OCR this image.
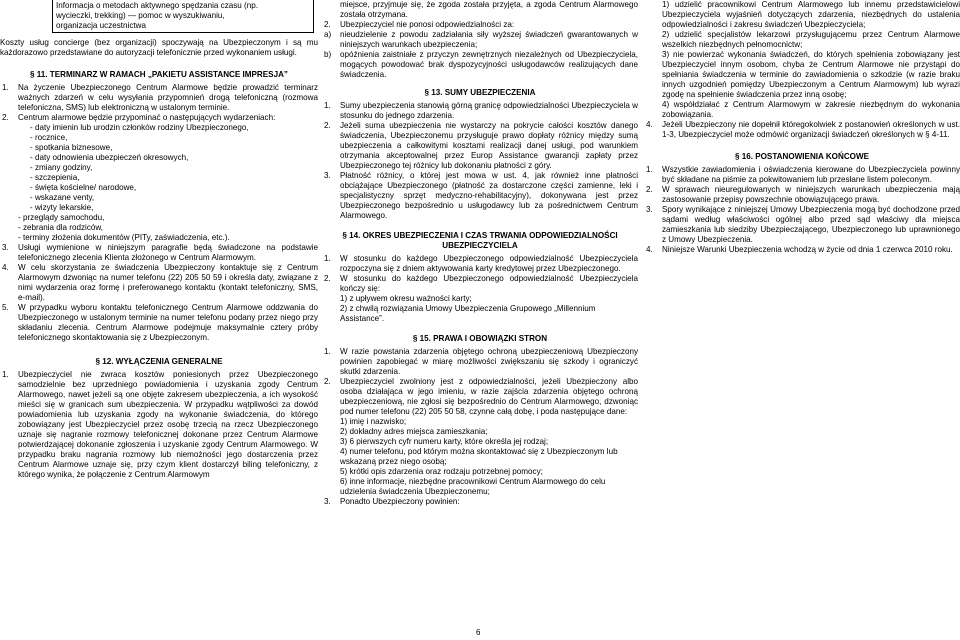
Informacja o metodach aktywnego spędzania czasu (np.
wycieczki, trekking) — pomoc w wyszukiwaniu,
organizacja uczestnictwa

Koszty usług concierge (bez organizacji) spoczywają na Ubezpieczonym i są mu każdorazowo przedstawiane do autoryzacji telefonicznie przed wykonaniem usługi.

§ 11. TERMINARZ W RAMACH „PAKIETU ASSISTANCE IMPRESJA”
1. Na życzenie Ubezpieczonego Centrum Alarmowe będzie prowadzić terminarz ważnych zdarzeń w celu wysyłania przypomnień drogą telefoniczną (rozmowa telefoniczna, SMS) lub elektroniczną w ustalonym terminie.
2. Centrum alarmowe będzie przypominać o następujących wydarzeniach:
- daty imienin lub urodzin członków rodziny Ubezpieczonego,
- rocznice,
- spotkania biznesowe,
- daty odnowienia ubezpieczeń okresowych,
- zmiany godziny,
- szczepienia,
- święta kościelne/ narodowe,
- wskazane venty,
- wizyty lekarskie,
- przeglądy samochodu,
- zebrania dla rodziców,
- terminy złożenia dokumentów (PITy, zaświadczenia, etc.).
3. Usługi wymienione w niniejszym paragrafie będą świadczone na podstawie telefonicznego zlecenia Klienta złożonego w Centrum Alarmowym.
4. W celu skorzystania ze świadczenia Ubezpieczony kontaktuje się z Centrum Alarmowym dzwoniąc na numer telefonu (22) 205 50 59 i określa daty, związane z nimi wydarzenia oraz formę i preferowanego kontaktu (kontakt telefoniczny, SMS, e-mail).
5. W przypadku wyboru kontaktu telefonicznego Centrum Alarmowe oddzwania do Ubezpieczonego w ustalonym terminie na numer telefonu podany przez niego przy składaniu zlecenia. Centrum Alarmowe podejmuje maksymalnie cztery próby telefonicznego skontaktowania się z Ubezpieczonym.
§ 12. WYŁĄCZENIA GENERALNE
1. Ubezpieczyciel nie zwraca kosztów poniesionych przez Ubezpieczonego samodzielnie bez uprzedniego powiadomienia i uzyskania zgody Centrum Alarmowego, nawet jeżeli są one objęte zakresem ubezpieczenia, a ich wysokość mieści się w granicach sum ubezpieczenia. W przypadku wątpliwości za dowód powiadomienia lub uzyskania zgody na wykonanie świadczenia, do którego zobowiązany jest Ubezpieczyciel przez osobę trzecią na rzecz Ubezpieczonego uznaje się nagranie rozmowy telefonicznej dokonane przez Centrum Alarmowe potwierdzającej dokonanie zgłoszenia i uzyskanie zgody Centrum Alarmowego. W przypadku braku nagrania rozmowy lub niemożności jego dostarczenia przez Centrum Alarmowe uznaje się, przy czym klient dostarczył biling telefoniczny, z którego wynika, że połączenie z Centrum Alarmowym

miejsce, przyjmuje się, że zgoda została przyjęta, a zgoda Centrum Alarmowego została otrzymana.

2. Ubezpieczyciel nie ponosi odpowiedzialności za:
a) nieudzielenie z powodu zadziałania siły wyższej świadczeń gwarantowanych w niniejszych warunkach ubezpieczenia;
b) opóźnienia zaistniałe z przyczyn zewnętrznych niezależnych od Ubezpieczyciela, mogących powodować brak dyspozycyjności usługodawców realizujących dane świadczenia.
§ 13. SUMY UBEZPIECZENIA
1. Sumy ubezpieczenia stanowią górną granicę odpowiedzialności Ubezpieczyciela w stosunku do jednego zdarzenia.
2. Jeżeli suma ubezpieczenia nie wystarczy na pokrycie całości kosztów danego świadczenia, Ubezpieczonemu przysługuje prawo dopłaty różnicy między sumą ubezpieczenia a całkowitymi kosztami realizacji danej usługi, pod warunkiem otrzymania akceptowalnej przez Europ Assistance gwarancji zapłaty przez Ubezpieczonego tej różnicy lub dokonaniu płatności z góry.
3. Płatność różnicy, o której jest mowa w ust. 4, jak również inne płatności obciążające Ubezpieczonego (płatność za dostarczone części zamienne, leki i specjalistyczny sprzęt medyczno-rehabilitacyjny), dokonywana jest przez Ubezpieczonego bezpośrednio u usługodawcy lub za pośrednictwem Centrum Alarmowego.
§ 14. OKRES UBEZPIECZENIA I CZAS TRWANIA ODPOWIEDZIALNOŚCI UBEZPIECZYCIELA
1. W stosunku do każdego Ubezpieczonego odpowiedzialność Ubezpieczyciela rozpoczyna się z dniem aktywowania karty kredytowej przez Ubezpieczonego.
2. W stosunku do każdego Ubezpieczonego odpowiedzialność Ubezpieczyciela kończy się:
1) z upływem okresu ważności karty;
2) z chwilą rozwiązania Umowy Ubezpieczenia Grupowego „Millennium Assistance”.
§ 15. PRAWA I OBOWIĄZKI STRON
1. W razie powstania zdarzenia objętego ochroną ubezpieczeniową Ubezpieczony powinien zapobiegać w miarę możliwości zwiększaniu się szkody i ograniczyć skutki zdarzenia.
2. Ubezpieczyciel zwolniony jest z odpowiedzialności, jeżeli Ubezpieczony albo osoba działająca w jego imieniu, w razie zajścia zdarzenia objętego ochroną ubezpieczeniową, nie zgłosi się bezpośrednio do Centrum Alarmowego, dzwoniąc pod numer telefonu (22) 205 50 58, czynne całą dobę, i poda następujące dane:
1) imię i nazwisko;
2) dokładny adres miejsca zamieszkania;
3) 6 pierwszych cyfr numeru karty, które określa jej rodzaj;
4) numer telefonu, pod którym można skontaktować się z Ubezpieczonym lub wskazaną przez niego osobą;
5) krótki opis zdarzenia oraz rodzaju potrzebnej pomocy;
6) inne informacje, niezbędne pracownikowi Centrum Alarmowego do celu udzielenia świadczenia Ubezpieczonemu;
3. Ponadto Ubezpieczony powinien:
1) udzielić pracownikowi Centrum Alarmowego lub innemu przedstawicielowi Ubezpieczyciela wyjaśnień dotyczących zdarzenia, niezbędnych do ustalenia odpowiedzialności i zakresu świadczeń Ubezpieczyciela;
2) udzielić specjalistów lekarzowi przysługującemu przez Centrum Alarmowe wszelkich niezbędnych pełnomocnictw;
3) nie powierzać wykonania świadczeń, do których spełnienia zobowiązany jest Ubezpieczyciel innym osobom, chyba że Centrum Alarmowe nie przystąpi do spełniania świadczenia w terminie do zawiadomienia o szkodzie (w razie braku innych uzgodnień pomiędzy Ubezpieczonym a Centrum Alarmowym) lub wyrazi zgodę na spełnienie świadczenia przez inną osobę;
4) współdziałać z Centrum Alarmowym w zakresie niezbędnym do wykonania zobowiązania.
4. Jeżeli Ubezpieczony nie dopełnił któregokolwiek z postanowień określonych w ust. 1-3, Ubezpieczyciel może odmówić organizacji świadczeń określonych w § 4-11.
§ 16. POSTANOWIENIA KOŃCOWE
1. Wszystkie zawiadomienia i oświadczenia kierowane do Ubezpieczyciela powinny być składane na piśmie za pokwitowaniem lub przesłane listem poleconym.
2. W sprawach nieuregulowanych w niniejszych warunkach ubezpieczenia mają zastosowanie przepisy powszechnie obowiązującego prawa.
3. Spory wynikające z niniejszej Umowy Ubezpieczenia mogą być dochodzone przed sądami według właściwości ogólnej albo przed sąd właściwy dla miejsca zamieszkania lub siedziby Ubezpieczającego, Ubezpieczonego lub uprawnionego z Umowy Ubezpieczenia.
4. Niniejsze Warunki Ubezpieczenia wchodzą w życie od dnia 1 czerwca 2010 roku.
6
